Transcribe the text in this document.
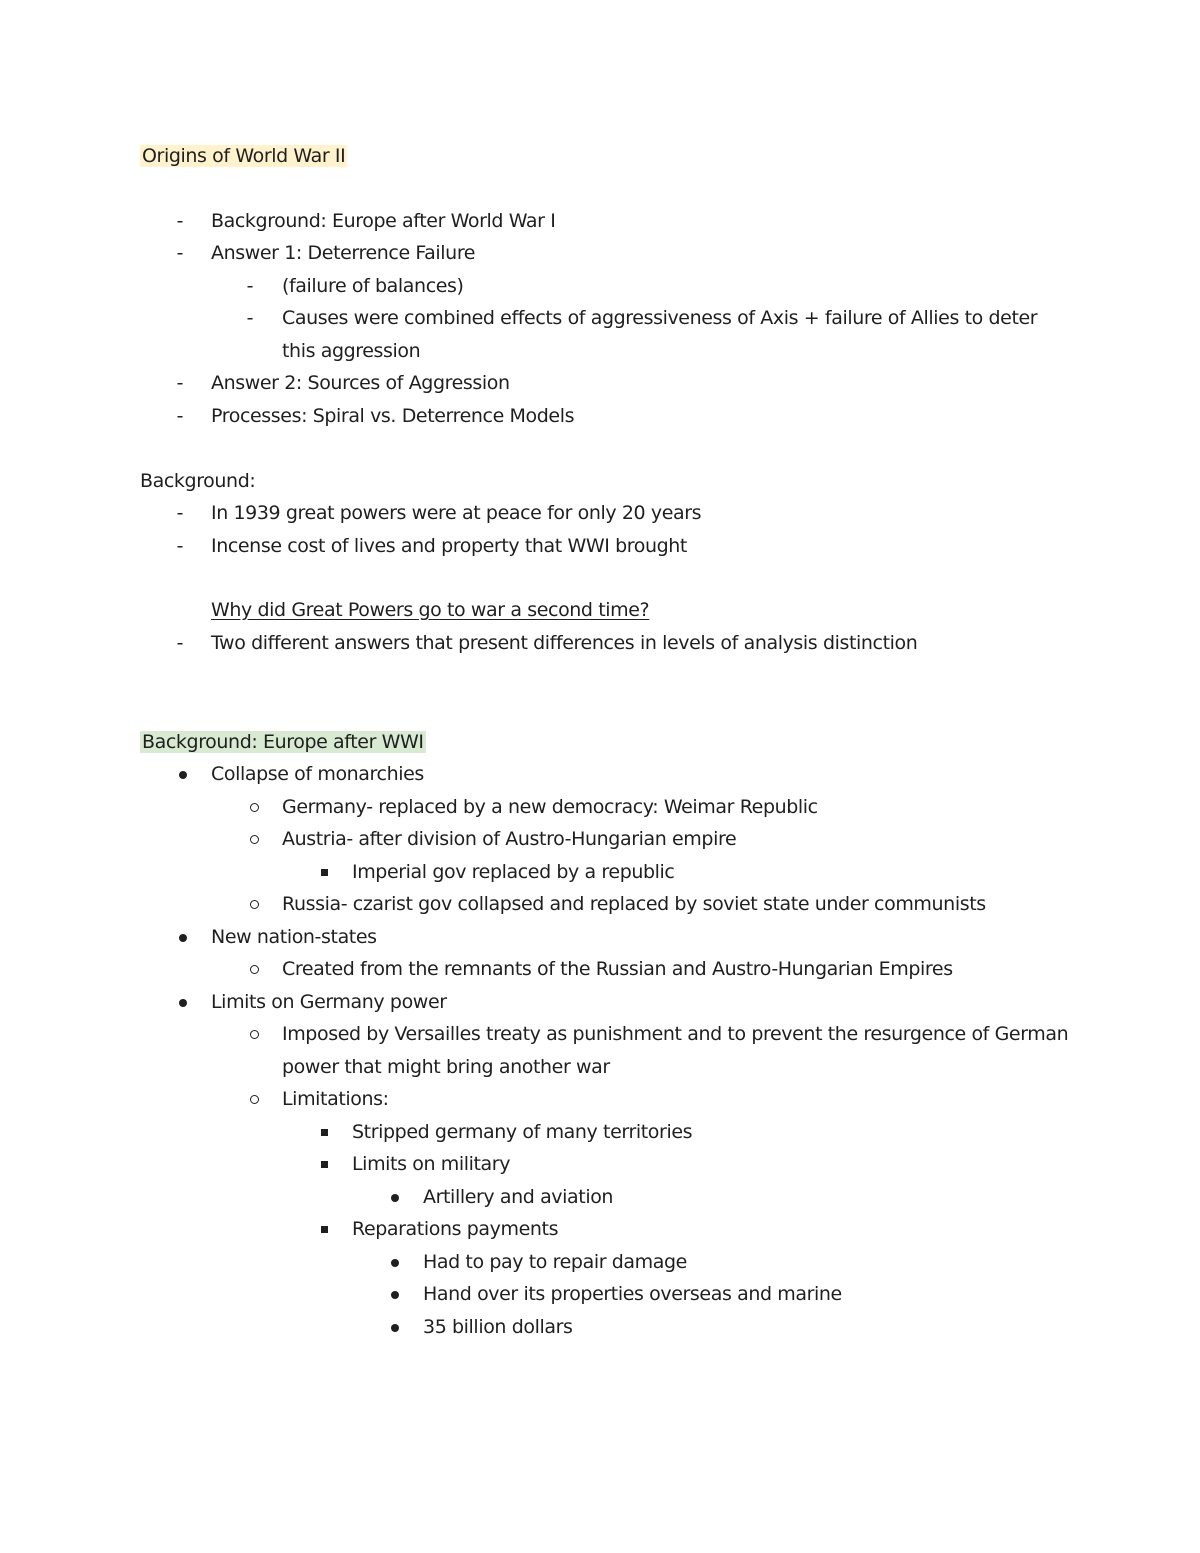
Origins of World War II
-	Background: Europe after World War I
-	Answer 1: Deterrence Failure
-	(failure of balances)
-	Causes were combined effects of aggressiveness of Axis + failure of Allies to deter
this aggression
-	Answer 2: Sources of Aggression
-	Processes: Spiral vs. Deterrence Models
Background:
-	In 1939 great powers were at peace for only 20 years
-	Incense cost of lives and property that WWI brought
Why did Great Powers go to war a second time?
-	Two different answers that present differences in levels of analysis distinction
Background: Europe after WWI
Collapse of monarchies
Germany- replaced by a new democracy: Weimar Republic
Austria- after division of Austro-Hungarian empire
Imperial gov replaced by a republic
Russia- czarist gov collapsed and replaced by soviet state under communists
New nation-states
Created from the remnants of the Russian and Austro-Hungarian Empires
Limits on Germany power
Imposed by Versailles treaty as punishment and to prevent the resurgence of German
power that might bring another war
Limitations:
Stripped germany of many territories
Limits on military
Artillery and aviation
Reparations payments
Had to pay to repair damage
Hand over its properties overseas and marine
35 billion dollars
